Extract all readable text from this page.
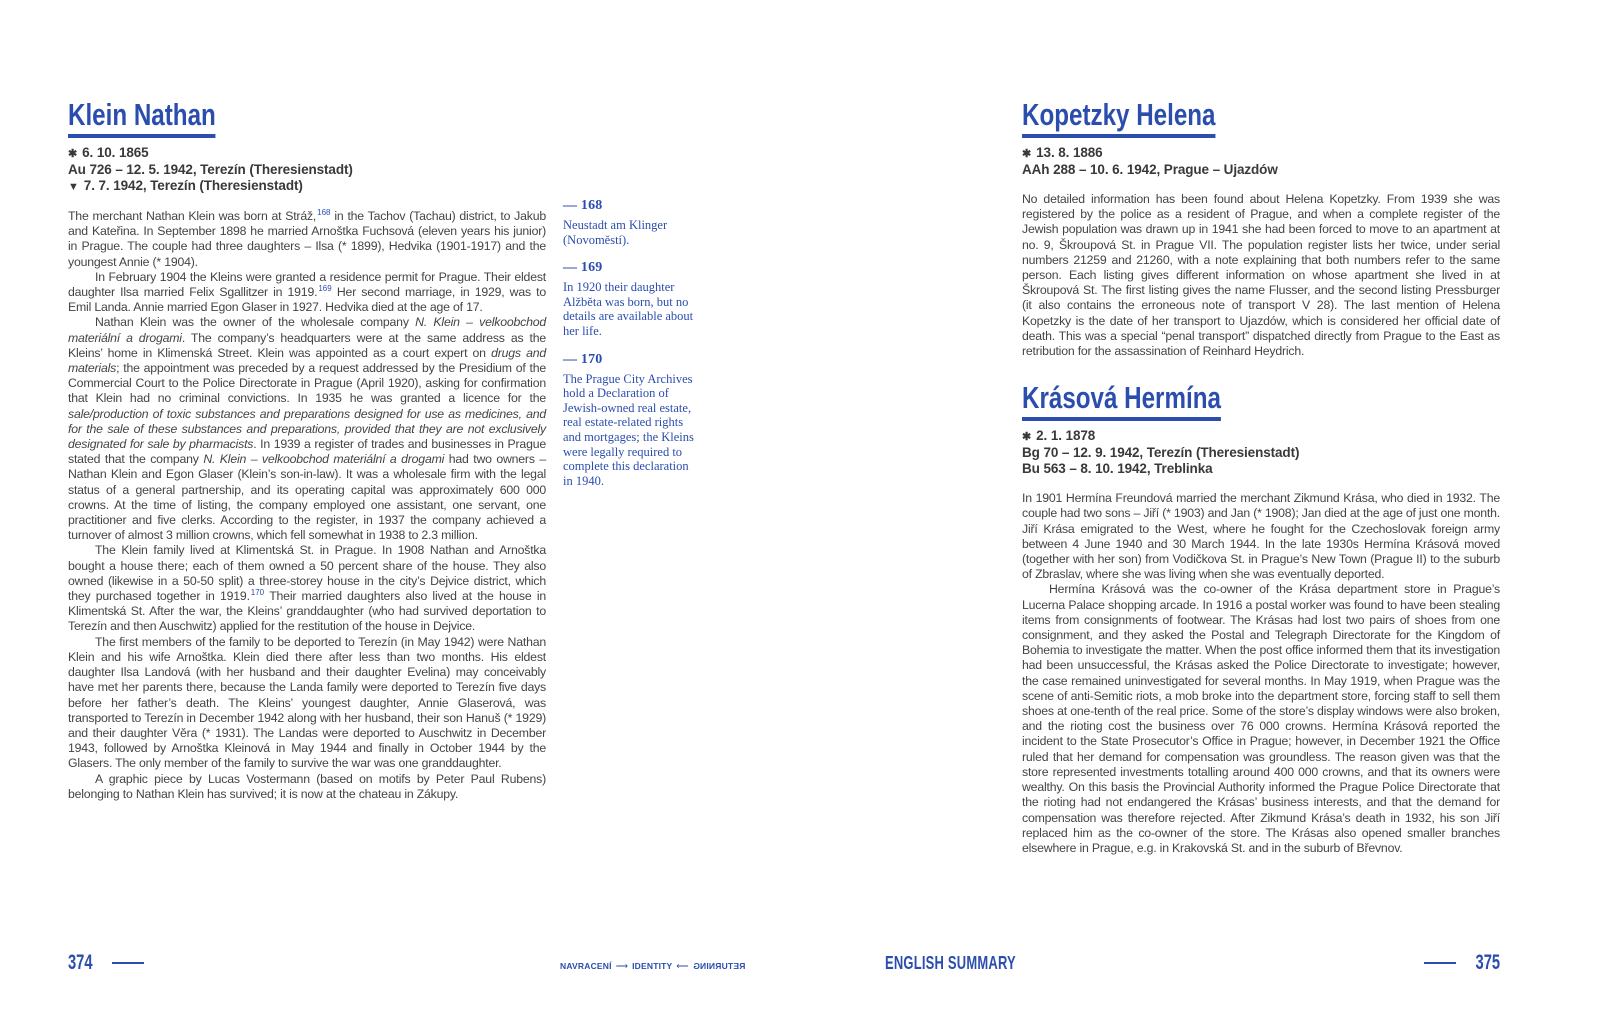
Klein Nathan
✱ 6. 10. 1865
Au 726 – 12. 5. 1942, Terezín (Theresienstadt)
▼ 7. 7. 1942, Terezín (Theresienstadt)

The merchant Nathan Klein was born at Stráž,$^{168}$ in the Tachov (Tachau) district, to Jakub and Kateřina. In September 1898 he married Arnoštka Fuchsová (eleven years his junior) in Prague. The couple had three daughters – Ilsa (* 1899), Hedvika (1901-1917) and the youngest Annie (* 1904).

In February 1904 the Kleins were granted a residence permit for Prague. Their eldest daughter Ilsa married Felix Sgallitzer in 1919.$^{169}$ Her second marriage, in 1929, was to Emil Landa. Annie married Egon Glaser in 1927. Hedvika died at the age of 17.

Nathan Klein was the owner of the wholesale company N. Klein – velkoobchod materiální a drogami. The company’s headquarters were at the same address as the Kleins’ home in Klimenská Street. Klein was appointed as a court expert on drugs and materials; the appointment was preceded by a request addressed by the Presidium of the Commercial Court to the Police Directorate in Prague (April 1920), asking for confirmation that Klein had no criminal convictions. In 1935 he was granted a licence for the sale/production of toxic substances and preparations designed for use as medicines, and for the sale of these substances and preparations, provided that they are not exclusively designated for sale by pharmacists. In 1939 a register of trades and businesses in Prague stated that the company N. Klein – velkoobchod materiální a drogami had two owners – Nathan Klein and Egon Glaser (Klein’s son-in-law). It was a wholesale firm with the legal status of a general partnership, and its operating capital was approximately 600 000 crowns. At the time of listing, the company employed one assistant, one servant, one practitioner and five clerks. According to the register, in 1937 the company achieved a turnover of almost 3 million crowns, which fell somewhat in 1938 to 2.3 million.

The Klein family lived at Klimentská St. in Prague. In 1908 Nathan and Arnoštka bought a house there; each of them owned a 50 percent share of the house. They also owned (likewise in a 50-50 split) a three-storey house in the city’s Dejvice district, which they purchased together in 1919.$^{170}$ Their married daughters also lived at the house in Klimentská St. After the war, the Kleins’ granddaughter (who had survived deportation to Terezín and then Auschwitz) applied for the restitution of the house in Dejvice.

The first members of the family to be deported to Terezín (in May 1942) were Nathan Klein and his wife Arnoštka. Klein died there after less than two months. His eldest daughter Ilsa Landová (with her husband and their daughter Evelina) may conceivably have met her parents there, because the Landa family were deported to Terezín five days before her father’s death. The Kleins’ youngest daughter, Annie Glaserová, was transported to Terezín in December 1942 along with her husband, their son Hanuš (* 1929) and their daughter Věra (* 1931). The Landas were deported to Auschwitz in December 1943, followed by Arnoštka Kleinová in May 1944 and finally in October 1944 by the Glasers. The only member of the family to survive the war was one granddaughter.

A graphic piece by Lucas Vostermann (based on motifs by Peter Paul Rubens) belonging to Nathan Klein has survived; it is now at the chateau in Zákupy.

— 168
Neustadt am Klinger (Novoměstí).
— 169
In 1920 their daughter Alžběta was born, but no details are available about her life.
— 170
The Prague City Archives hold a Declaration of Jewish-owned real estate, real estate-related rights and mortgages; the Kleins were legally required to complete this declaration in 1940.
Kopetzky Helena
✱ 13. 8. 1886
AAh 288 – 10. 6. 1942, Prague – Ujazdów

No detailed information has been found about Helena Kopetzky. From 1939 she was registered by the police as a resident of Prague, and when a complete register of the Jewish population was drawn up in 1941 she had been forced to move to an apartment at no. 9, Škroupová St. in Prague VII. The population register lists her twice, under serial numbers 21259 and 21260, with a note explaining that both numbers refer to the same person. Each listing gives different information on whose apartment she lived in at Škroupová St. The first listing gives the name Flusser, and the second listing Pressburger (it also contains the erroneous note of transport V 28). The last mention of Helena Kopetzky is the date of her transport to Ujazdów, which is considered her official date of death. This was a special “penal transport” dispatched directly from Prague to the East as retribution for the assassination of Reinhard Heydrich.

Krásová Hermína
✱ 2. 1. 1878
Bg 70 – 12. 9. 1942, Terezín (Theresienstadt)
Bu 563 – 8. 10. 1942, Treblinka

In 1901 Hermína Freundová married the merchant Zikmund Krása, who died in 1932. The couple had two sons – Jiří (* 1903) and Jan (* 1908); Jan died at the age of just one month. Jiří Krása emigrated to the West, where he fought for the Czechoslovak foreign army between 4 June 1940 and 30 March 1944. In the late 1930s Hermína Krásová moved (together with her son) from Vodičkova St. in Prague’s New Town (Prague II) to the suburb of Zbraslav, where she was living when she was eventually deported.

Hermína Krásová was the co-owner of the Krása department store in Prague’s Lucerna Palace shopping arcade. In 1916 a postal worker was found to have been stealing items from consignments of footwear. The Krásas had lost two pairs of shoes from one consignment, and they asked the Postal and Telegraph Directorate for the Kingdom of Bohemia to investigate the matter. When the post office informed them that its investigation had been unsuccessful, the Krásas asked the Police Directorate to investigate; however, the case remained uninvestigated for several months. In May 1919, when Prague was the scene of anti-Semitic riots, a mob broke into the department store, forcing staff to sell them shoes at one-tenth of the real price. Some of the store’s display windows were also broken, and the rioting cost the business over 76 000 crowns. Hermína Krásová reported the incident to the State Prosecutor’s Office in Prague; however, in December 1921 the Office ruled that her demand for compensation was groundless. The reason given was that the store represented investments totalling around 400 000 crowns, and that its owners were wealthy. On this basis the Provincial Authority informed the Prague Police Directorate that the rioting had not endangered the Krásas’ business interests, and that the demand for compensation was therefore rejected. After Zikmund Krása’s death in 1932, his son Jiří replaced him as the co-owner of the store. The Krásas also opened smaller branches elsewhere in Prague, e.g. in Krakovská St. and in the suburb of Břevnov.

374	NAVRACENÍ ⟶ IDENTITY ⟵ RETURNING	ENGLISH SUMMARY	375
